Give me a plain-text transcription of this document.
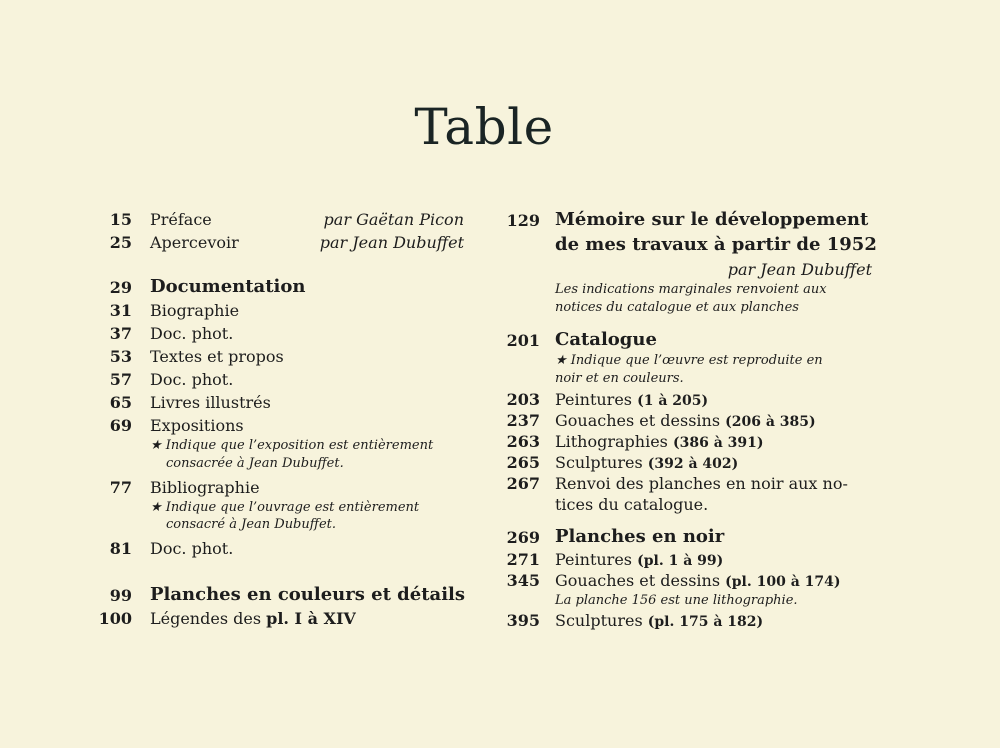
Table
15 Préface	par Gaëtan Picon
25 Apercevoir	par Jean Dubuffet
29 Documentation
31 Biographie
37 Doc. phot.
53 Textes et propos
57 Doc. phot.
65 Livres illustrés
69 Expositions
★ Indique que l’exposition est entièrement
consacrée à Jean Dubuffet.
77 Bibliographie
★ Indique que l’ouvrage est entièrement
consacré à Jean Dubuffet.
81 Doc. phot.
99 Planches en couleurs et détails
100 Légendes des pl. I à XIV
129 Mémoire sur le développement
de mes travaux à partir de 1952
par Jean Dubuffet
Les indications marginales renvoient aux
notices du catalogue et aux planches
201 Catalogue
★ Indique que l’œuvre est reproduite en
noir et en couleurs.
203 Peintures (1 à 205)
237 Gouaches et dessins (206 à 385)
263 Lithographies (386 à 391)
265 Sculptures (392 à 402)
267 Renvoi des planches en noir aux no-
tices du catalogue.
269 Planches en noir
271 Peintures (pl. 1 à 99)
345 Gouaches et dessins (pl. 100 à 174)
La planche 156 est une lithographie.
395 Sculptures (pl. 175 à 182)
